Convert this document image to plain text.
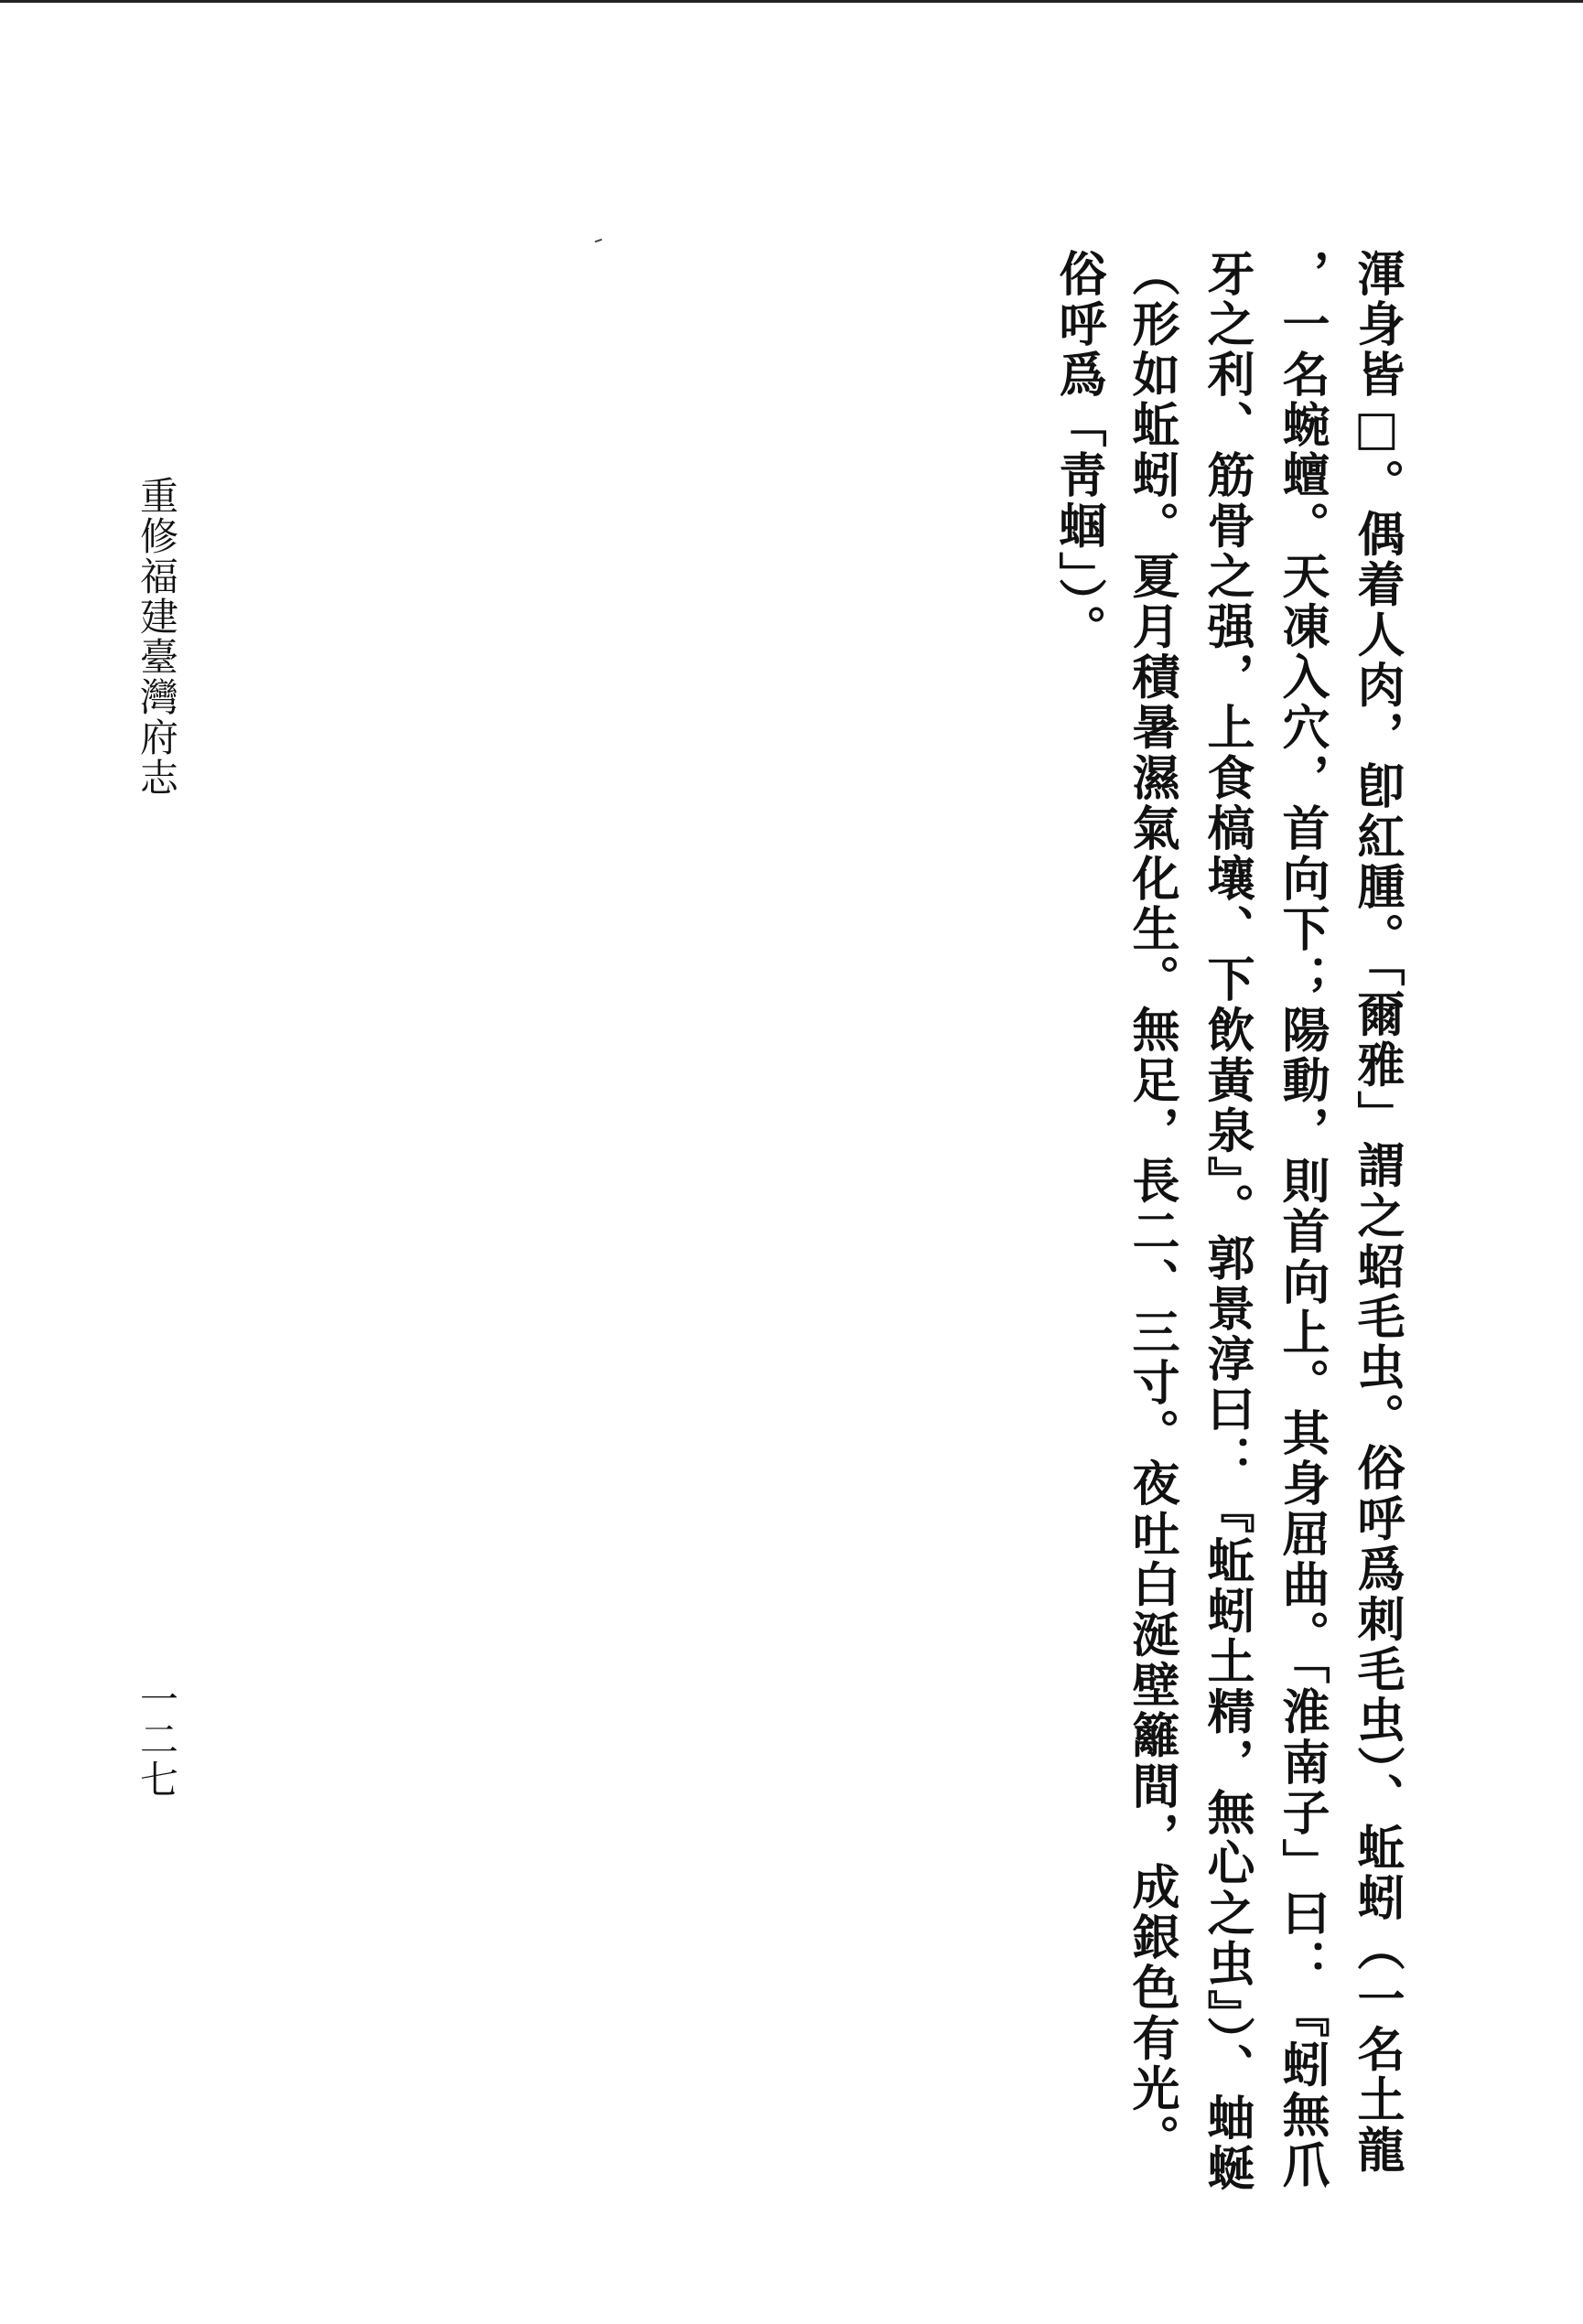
渾身皆□。偶着人肉，卽紅腫。「爾雅」謂之蛁毛虫。俗呼爲刺毛虫）、蚯蚓（一名土龍
，一名蜿蟺。天凍入穴，首向下；陽動，則首向上。其身屈曲。「淮南子」曰：『蚓無爪
牙之利、筋骨之强，上食槁壤、下飲黃泉』。郭景淳曰：『蚯蚓土精，無心之虫』）、蚰蜒
（形如蚯蚓。夏月積暑濕氣化生。無足，長二、三寸。夜吐白涎壁籬間，成銀色有光。
俗呼爲「靑蝈」）。
重修福建臺灣府志
一二七
